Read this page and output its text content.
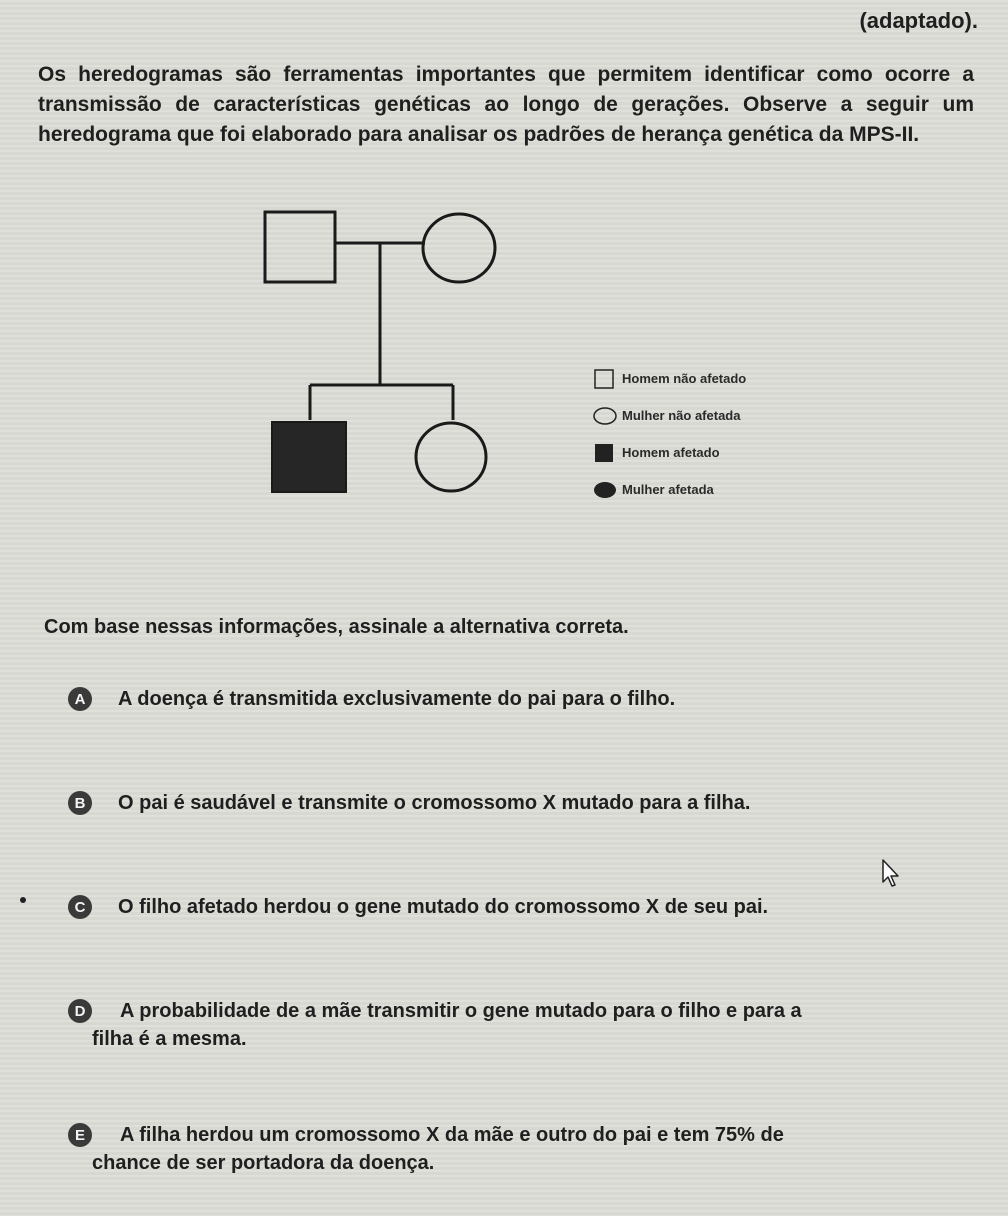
(adaptado).

Os heredogramas são ferramentas importantes que permitem identificar como ocorre a transmissão de características genéticas ao longo de gerações. Observe a seguir um heredograma que foi elaborado para analisar os padrões de herança genética da MPS-II.

Homem não afetado
Mulher não afetada
Homem afetado
Mulher afetada

Com base nessas informações, assinale a alternativa correta.

A	A doença é transmitida exclusivamente do pai para o filho.
B	O pai é saudável e transmite o cromossomo X mutado para a filha.
C	O filho afetado herdou o gene mutado do cromossomo X de seu pai.
D	A probabilidade de a mãe transmitir o gene mutado para o filho e para a
filha é a mesma.
E	A filha herdou um cromossomo X da mãe e outro do pai e tem 75% de
chance de ser portadora da doença.
